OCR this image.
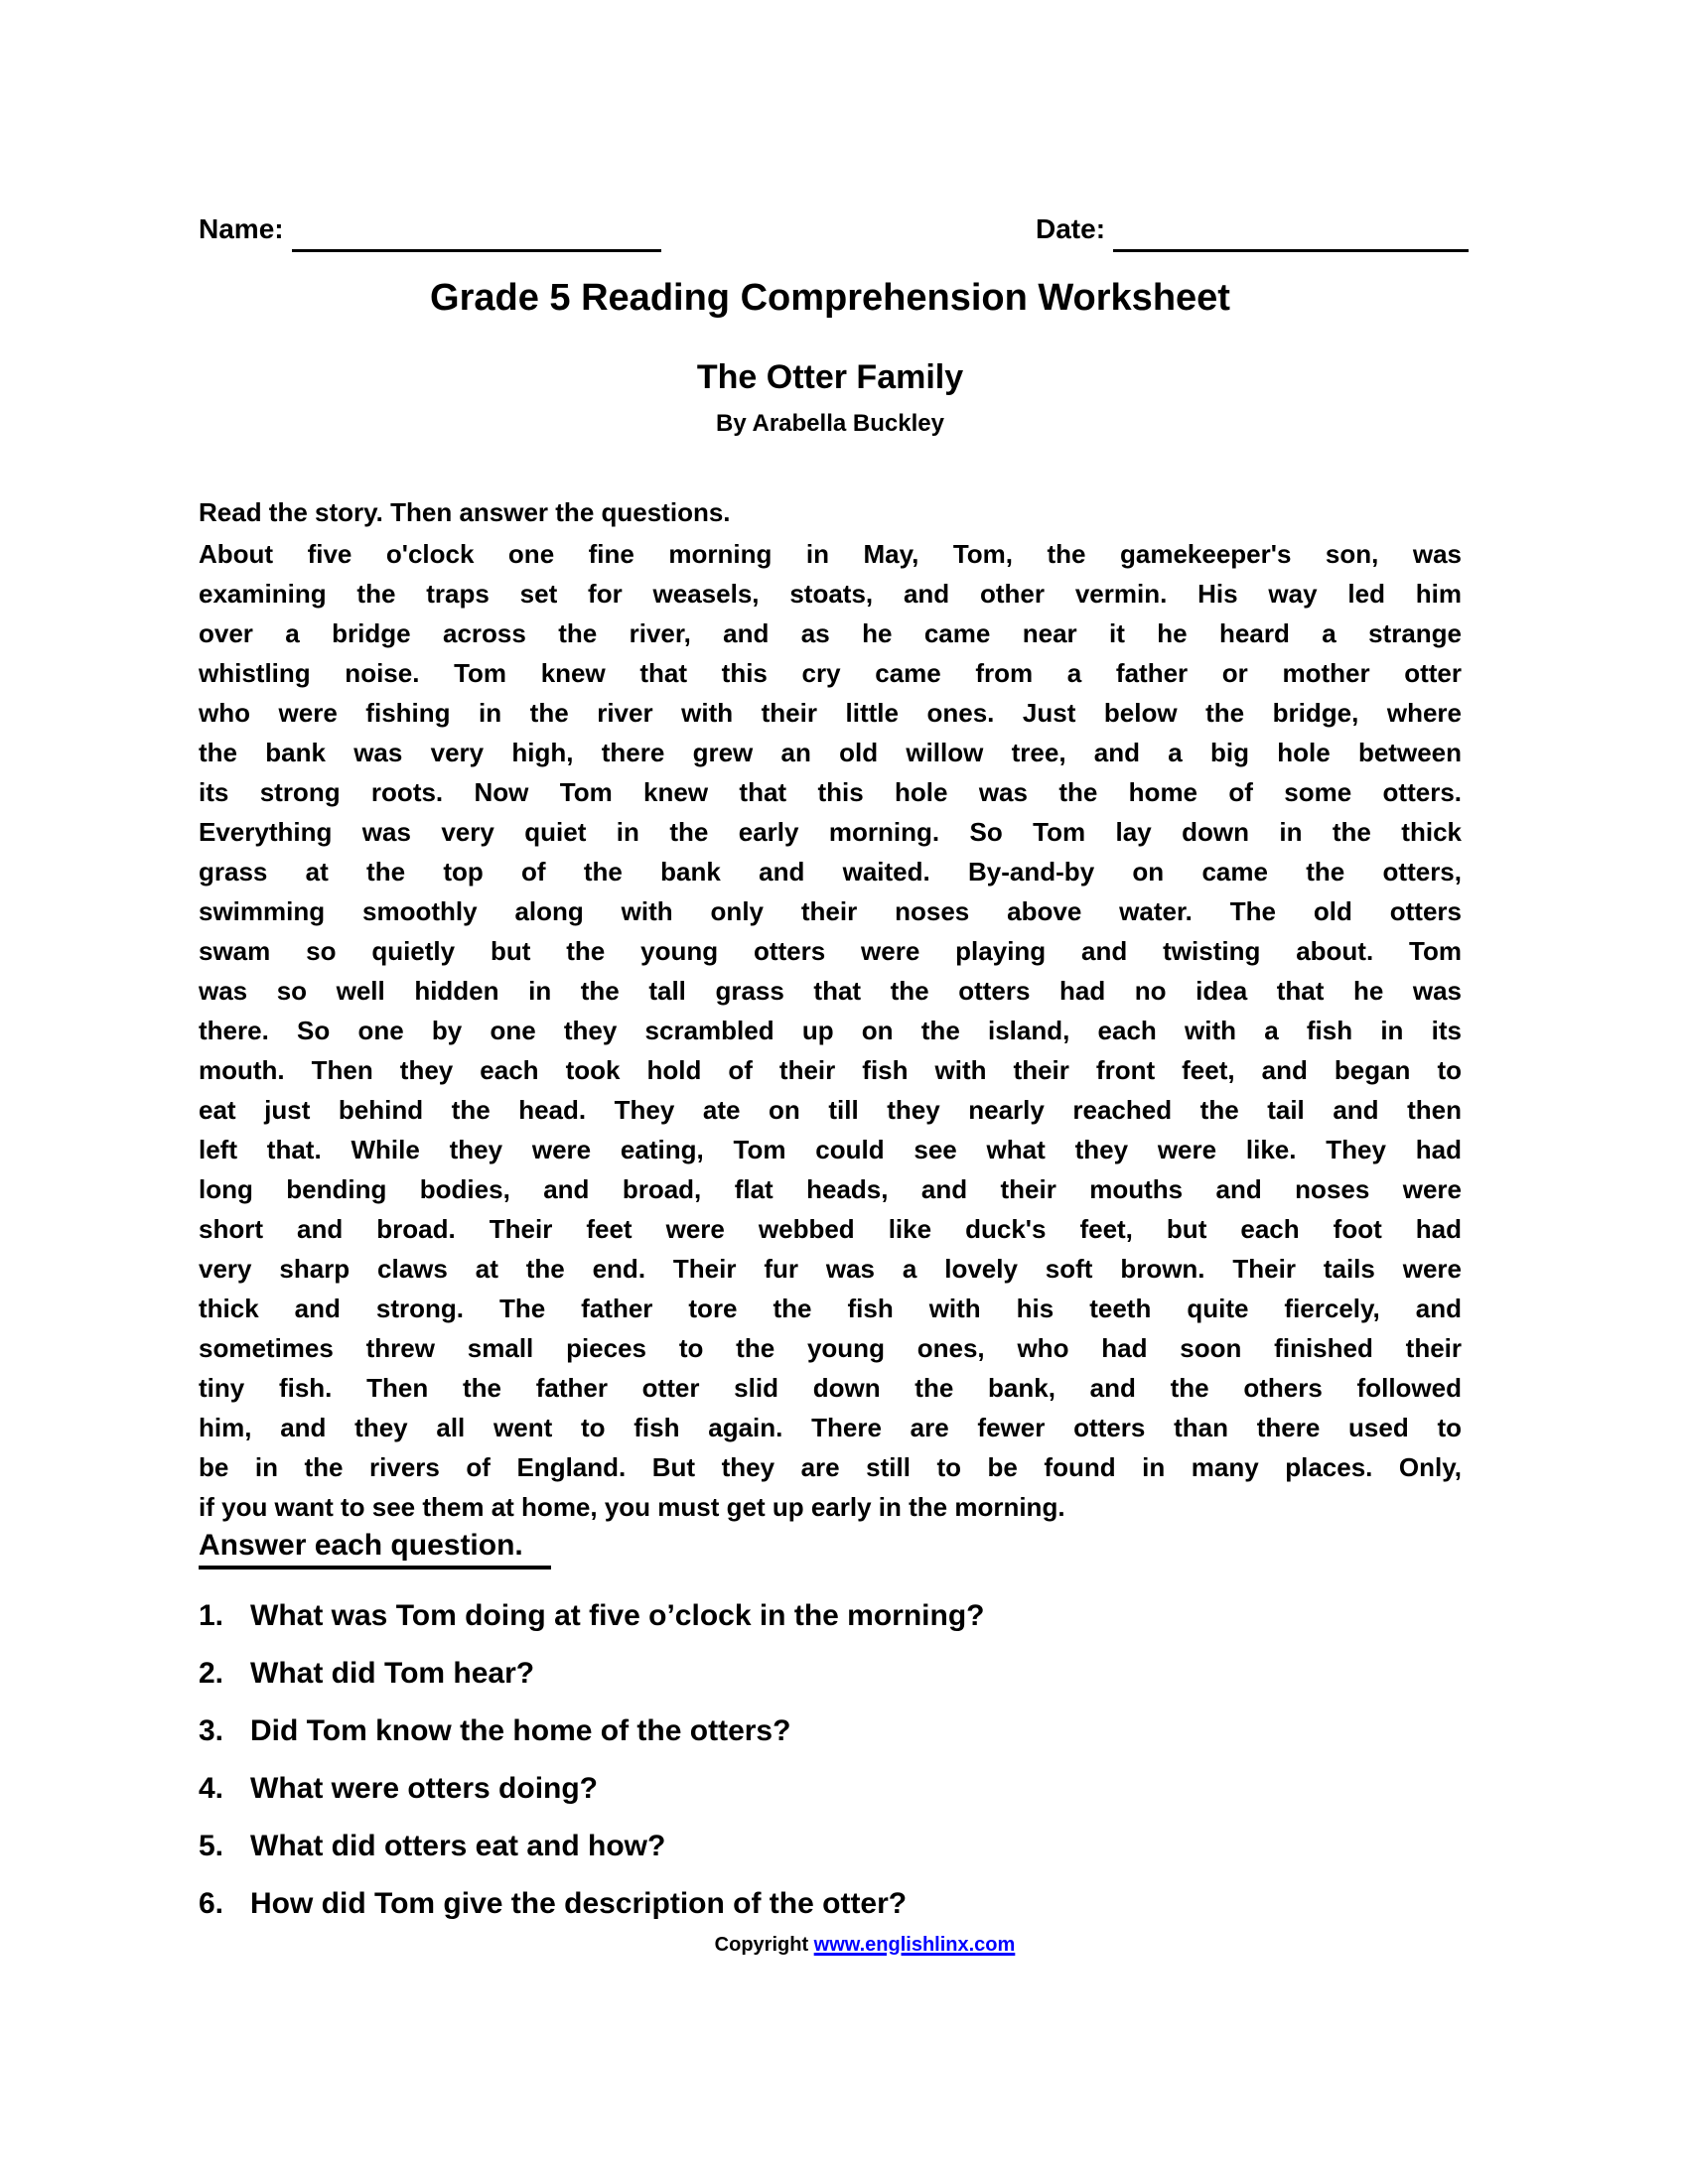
Name:	Date:
Grade 5 Reading Comprehension Worksheet
The Otter Family
By Arabella Buckley
Read the story. Then answer the questions.
About five o'clock one fine morning in May, Tom, the gamekeeper's son, was
examining the traps set for weasels, stoats, and other vermin. His way led him
over a bridge across the river, and as he came near it he heard a strange
whistling noise. Tom knew that this cry came from a father or mother otter
who were fishing in the river with their little ones. Just below the bridge, where
the bank was very high, there grew an old willow tree, and a big hole between
its strong roots. Now Tom knew that this hole was the home of some otters.
Everything was very quiet in the early morning. So Tom lay down in the thick
grass at the top of the bank and waited. By-and-by on came the otters,
swimming smoothly along with only their noses above water. The old otters
swam so quietly but the young otters were playing and twisting about. Tom
was so well hidden in the tall grass that the otters had no idea that he was
there. So one by one they scrambled up on the island, each with a fish in its
mouth. Then they each took hold of their fish with their front feet, and began to
eat just behind the head. They ate on till they nearly reached the tail and then
left that. While they were eating, Tom could see what they were like. They had
long bending bodies, and broad, flat heads, and their mouths and noses were
short and broad. Their feet were webbed like duck's feet, but each foot had
very sharp claws at the end. Their fur was a lovely soft brown. Their tails were
thick and strong. The father tore the fish with his teeth quite fiercely, and
sometimes threw small pieces to the young ones, who had soon finished their
tiny fish. Then the father otter slid down the bank, and the others followed
him, and they all went to fish again. There are fewer otters than there used to
be in the rivers of England. But they are still to be found in many places. Only,
if you want to see them at home, you must get up early in the morning.
Answer each question.
1. What was Tom doing at five o’clock in the morning?
2. What did Tom hear?
3. Did Tom know the home of the otters?
4. What were otters doing?
5. What did otters eat and how?
6. How did Tom give the description of the otter?
Copyright www.englishlinx.com
